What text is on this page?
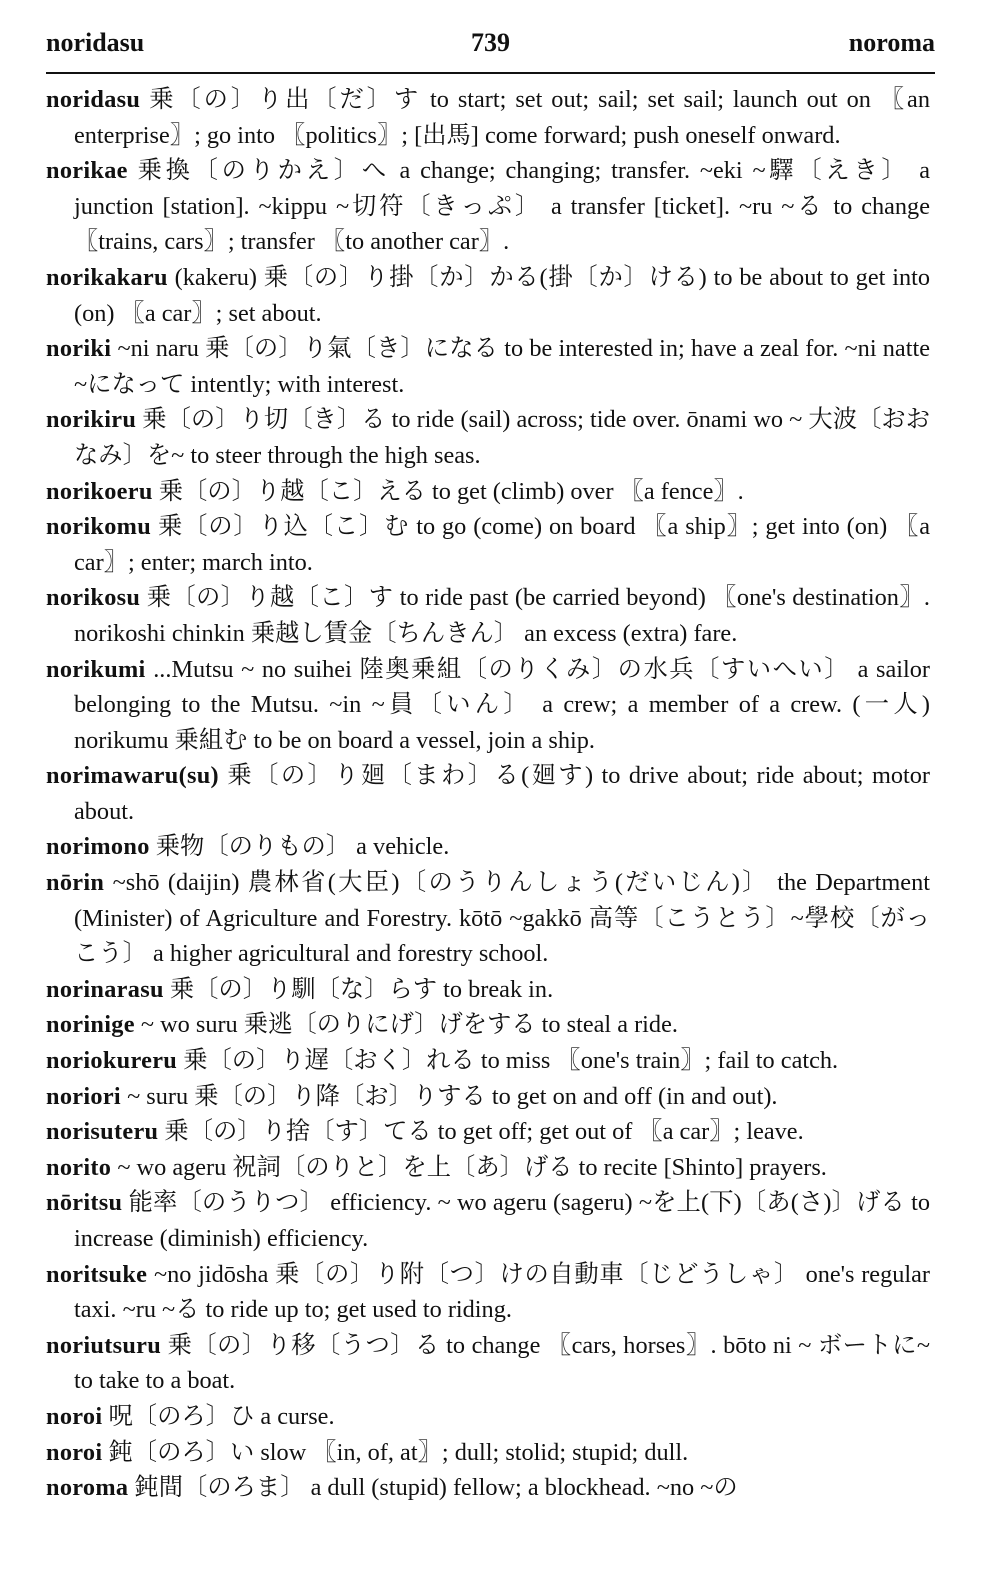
noridasu	739	noroma

noridasu 乗〔の〕り出〔だ〕す to start; set out; sail; set sail; launch out on 〖an enterprise〗; go into 〖politics〗; [出馬] come forward; push oneself onward.

norikae 乗換〔のりかえ〕へ a change; changing; transfer. ~eki ~驛〔えき〕 a junction [station]. ~kippu ~切符〔きっぷ〕 a transfer [ticket]. ~ru ~る to change 〖trains, cars〗; transfer 〖to another car〗.

norikakaru (kakeru) 乗〔の〕り掛〔か〕かる(掛〔か〕ける) to be about to get into (on) 〖a car〗; set about.

noriki ~ni naru 乗〔の〕り氣〔き〕になる to be interested in; have a zeal for. ~ni natte ~になって intently; with interest.

norikiru 乗〔の〕り切〔き〕る to ride (sail) across; tide over. ōnami wo ~ 大波〔おおなみ〕を~ to steer through the high seas.

norikoeru 乗〔の〕り越〔こ〕える to get (climb) over 〖a fence〗.

norikomu 乗〔の〕り込〔こ〕む to go (come) on board 〖a ship〗; get into (on) 〖a car〗; enter; march into.

norikosu 乗〔の〕り越〔こ〕す to ride past (be carried beyond) 〖one's destination〗. norikoshi chinkin 乗越し賃金〔ちんきん〕 an excess (extra) fare.

norikumi ...Mutsu ~ no suihei 陸奥乗組〔のりくみ〕の水兵〔すいへい〕 a sailor belonging to the Mutsu. ~in ~員〔いん〕 a crew; a member of a crew. (一人) norikumu 乗組む to be on board a vessel, join a ship.

norimawaru(su) 乗〔の〕り廻〔まわ〕る(廻す) to drive about; ride about; motor about.

norimono 乗物〔のりもの〕 a vehicle.

nōrin ~shō (daijin) 農林省(大臣)〔のうりんしょう(だいじん)〕 the Department (Minister) of Agriculture and Forestry. kōtō ~gakkō 高等〔こうとう〕~學校〔がっこう〕 a higher agricultural and forestry school.

norinarasu 乗〔の〕り馴〔な〕らす to break in.

norinige ~ wo suru 乗逃〔のりにげ〕げをする to steal a ride.

noriokureru 乗〔の〕り遅〔おく〕れる to miss 〖one's train〗; fail to catch.

noriori ~ suru 乗〔の〕り降〔お〕りする to get on and off (in and out).

norisuteru 乗〔の〕り捨〔す〕てる to get off; get out of 〖a car〗; leave.

norito ~ wo ageru 祝詞〔のりと〕を上〔あ〕げる to recite [Shinto] prayers.

nōritsu 能率〔のうりつ〕 efficiency. ~ wo ageru (sageru) ~を上(下)〔あ(さ)〕げる to increase (diminish) efficiency.

noritsuke ~no jidōsha 乗〔の〕り附〔つ〕けの自動車〔じどうしゃ〕 one's regular taxi. ~ru ~る to ride up to; get used to riding.

noriutsuru 乗〔の〕り移〔うつ〕る to change 〖cars, horses〗. bōto ni ~ ボートに~ to take to a boat.

noroi 呪〔のろ〕ひ a curse.

noroi 鈍〔のろ〕い slow 〖in, of, at〗; dull; stolid; stupid; dull.

noroma 鈍間〔のろま〕 a dull (stupid) fellow; a blockhead. ~no ~の
